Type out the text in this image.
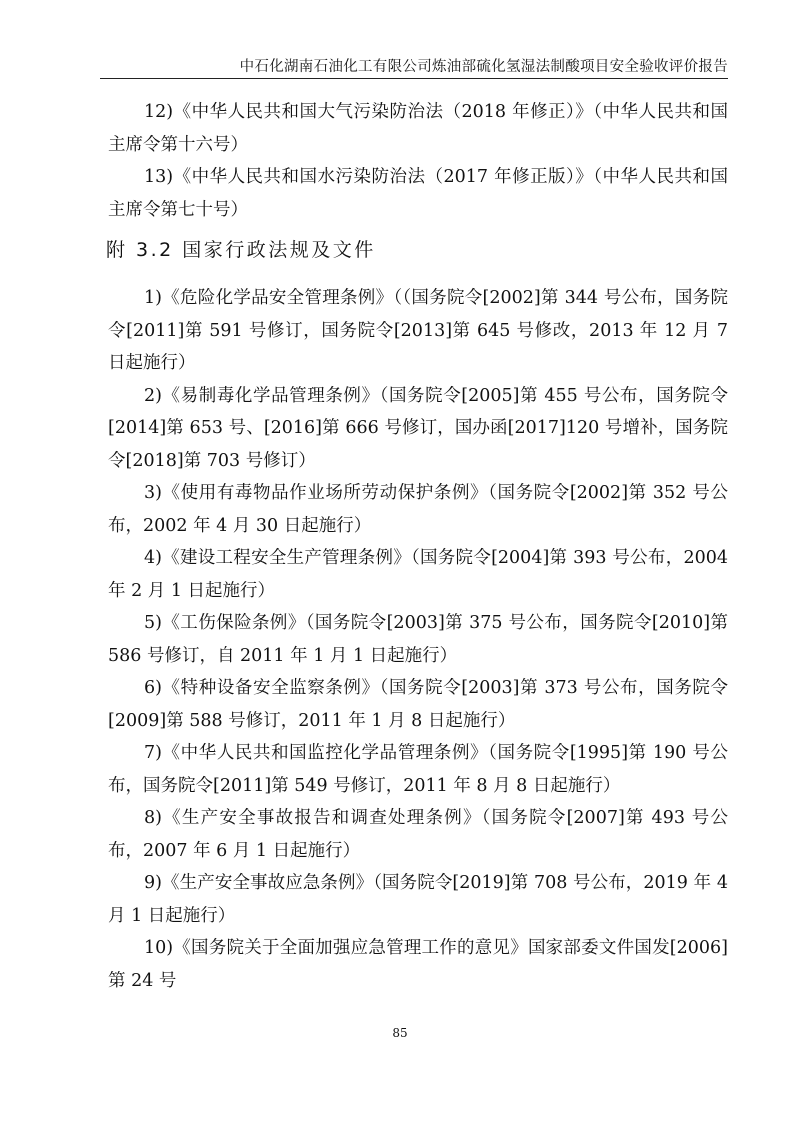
中石化湖南石油化工有限公司炼油部硫化氢湿法制酸项目安全验收评价报告

12)《中华人民共和国大气污染防治法（2018 年修正）》（中华人民共和国主席令第十六号）

13)《中华人民共和国水污染防治法（2017 年修正版）》（中华人民共和国主席令第七十号）

附 3.2 国家行政法规及文件

1)《危险化学品安全管理条例》（（国务院令[2002]第 344 号公布，国务院令[2011]第 591 号修订，国务院令[2013]第 645 号修改，2013 年 12 月 7 日起施行）

2)《易制毒化学品管理条例》（国务院令[2005]第 455 号公布，国务院令[2014]第 653 号、[2016]第 666 号修订，国办函[2017]120 号增补，国务院令[2018]第 703 号修订）

3)《使用有毒物品作业场所劳动保护条例》（国务院令[2002]第 352 号公布，2002 年 4 月 30 日起施行）

4)《建设工程安全生产管理条例》（国务院令[2004]第 393 号公布，2004 年 2 月 1 日起施行）

5)《工伤保险条例》（国务院令[2003]第 375 号公布，国务院令[2010]第 586 号修订，自 2011 年 1 月 1 日起施行）

6)《特种设备安全监察条例》（国务院令[2003]第 373 号公布，国务院令[2009]第 588 号修订，2011 年 1 月 8 日起施行）

7)《中华人民共和国监控化学品管理条例》（国务院令[1995]第 190 号公布，国务院令[2011]第 549 号修订，2011 年 8 月 8 日起施行）

8)《生产安全事故报告和调查处理条例》（国务院令[2007]第 493 号公布，2007 年 6 月 1 日起施行）

9)《生产安全事故应急条例》（国务院令[2019]第 708 号公布，2019 年 4 月 1 日起施行）

10)《国务院关于全面加强应急管理工作的意见》国家部委文件国发[2006]第 24 号

85
